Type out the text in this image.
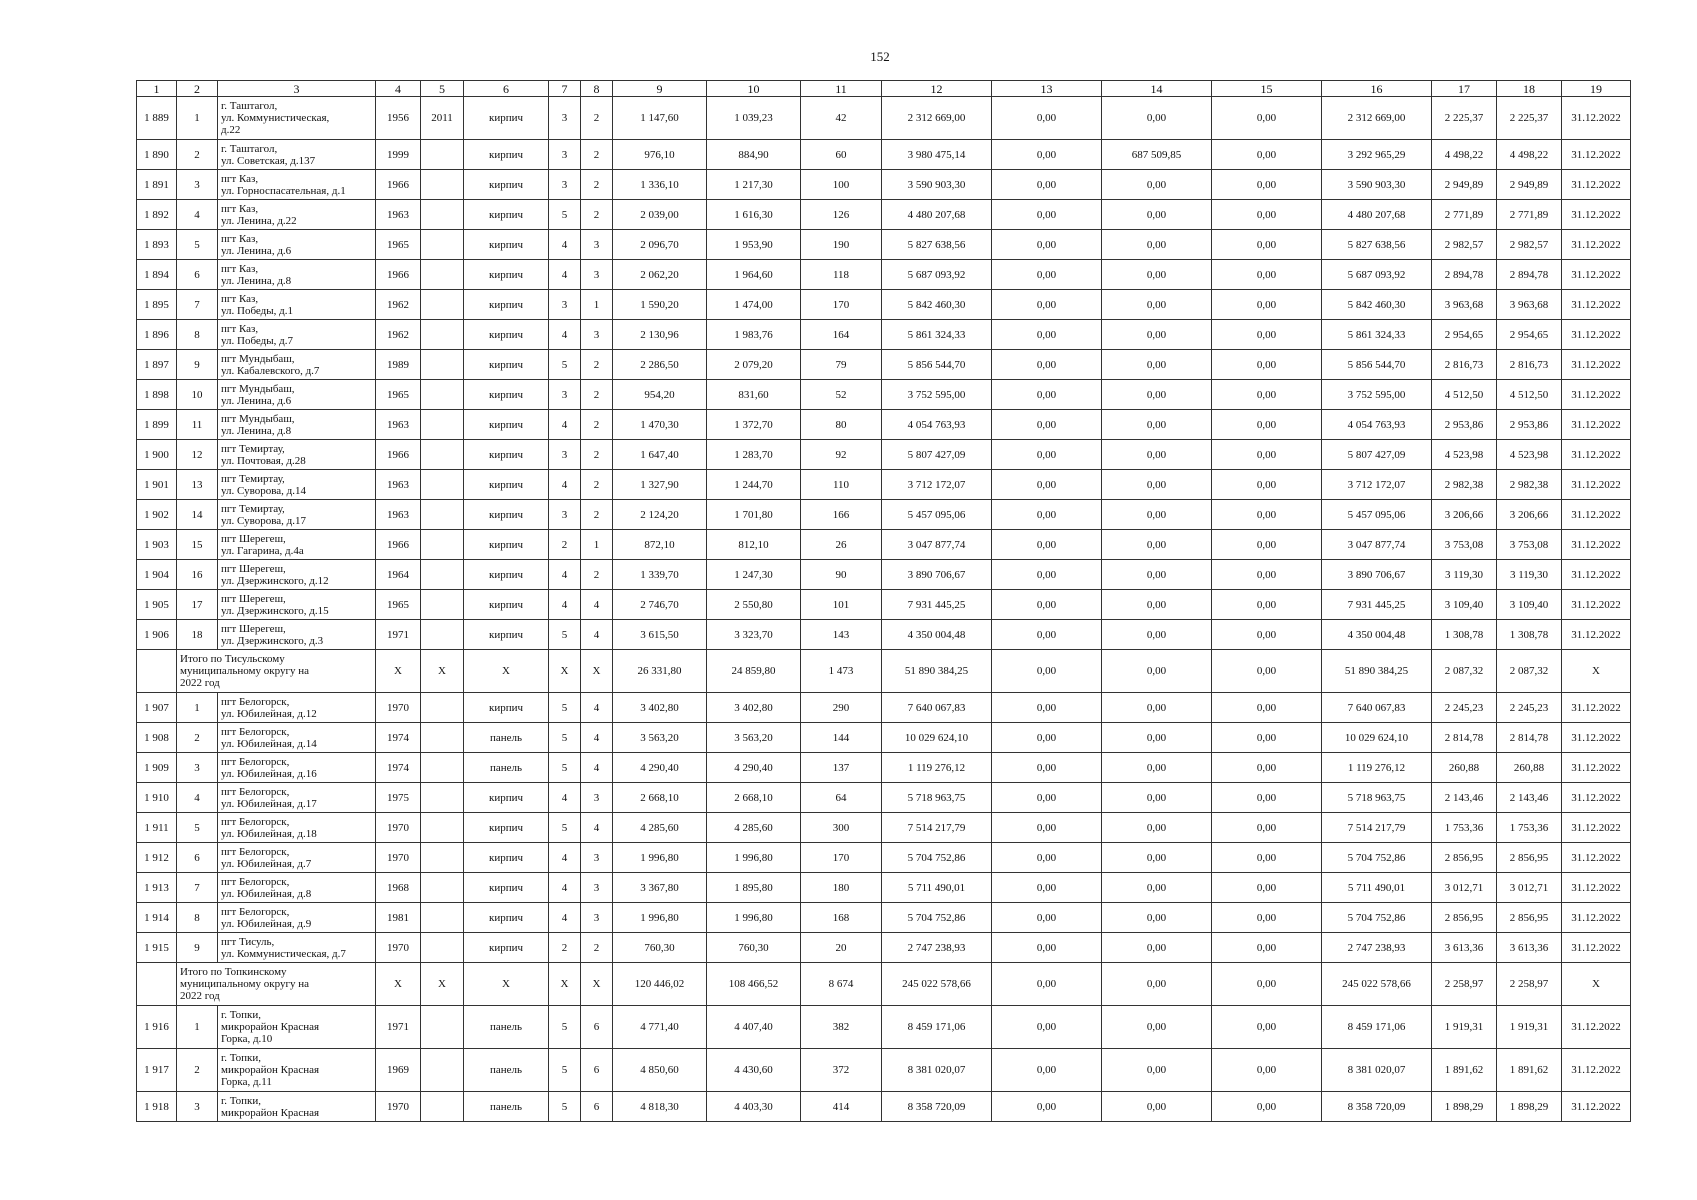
152
1	2	3	4	5	6	7	8	9	10	11	12	13	14	15	16	17	18	19
1 889	1	г. Таштагол,
ул. Коммунистическая,
д.22	1956	2011	кирпич	3	2	1 147,60	1 039,23	42	2 312 669,00	0,00	0,00	0,00	2 312 669,00	2 225,37	2 225,37	31.12.2022
1 890	2	г. Таштагол,
ул. Советская, д.137	1999		кирпич	3	2	976,10	884,90	60	3 980 475,14	0,00	687 509,85	0,00	3 292 965,29	4 498,22	4 498,22	31.12.2022
1 891	3	пгт Каз,
ул. Горноспасательная, д.1	1966		кирпич	3	2	1 336,10	1 217,30	100	3 590 903,30	0,00	0,00	0,00	3 590 903,30	2 949,89	2 949,89	31.12.2022
1 892	4	пгт Каз,
ул. Ленина, д.22	1963		кирпич	5	2	2 039,00	1 616,30	126	4 480 207,68	0,00	0,00	0,00	4 480 207,68	2 771,89	2 771,89	31.12.2022
1 893	5	пгт Каз,
ул. Ленина, д.6	1965		кирпич	4	3	2 096,70	1 953,90	190	5 827 638,56	0,00	0,00	0,00	5 827 638,56	2 982,57	2 982,57	31.12.2022
1 894	6	пгт Каз,
ул. Ленина, д.8	1966		кирпич	4	3	2 062,20	1 964,60	118	5 687 093,92	0,00	0,00	0,00	5 687 093,92	2 894,78	2 894,78	31.12.2022
1 895	7	пгт Каз,
ул. Победы, д.1	1962		кирпич	3	1	1 590,20	1 474,00	170	5 842 460,30	0,00	0,00	0,00	5 842 460,30	3 963,68	3 963,68	31.12.2022
1 896	8	пгт Каз,
ул. Победы, д.7	1962		кирпич	4	3	2 130,96	1 983,76	164	5 861 324,33	0,00	0,00	0,00	5 861 324,33	2 954,65	2 954,65	31.12.2022
1 897	9	пгт Мундыбаш,
ул. Кабалевского, д.7	1989		кирпич	5	2	2 286,50	2 079,20	79	5 856 544,70	0,00	0,00	0,00	5 856 544,70	2 816,73	2 816,73	31.12.2022
1 898	10	пгт Мундыбаш,
ул. Ленина, д.6	1965		кирпич	3	2	954,20	831,60	52	3 752 595,00	0,00	0,00	0,00	3 752 595,00	4 512,50	4 512,50	31.12.2022
1 899	11	пгт Мундыбаш,
ул. Ленина, д.8	1963		кирпич	4	2	1 470,30	1 372,70	80	4 054 763,93	0,00	0,00	0,00	4 054 763,93	2 953,86	2 953,86	31.12.2022
1 900	12	пгт Темиртау,
ул. Почтовая, д.28	1966		кирпич	3	2	1 647,40	1 283,70	92	5 807 427,09	0,00	0,00	0,00	5 807 427,09	4 523,98	4 523,98	31.12.2022
1 901	13	пгт Темиртау,
ул. Суворова, д.14	1963		кирпич	4	2	1 327,90	1 244,70	110	3 712 172,07	0,00	0,00	0,00	3 712 172,07	2 982,38	2 982,38	31.12.2022
1 902	14	пгт Темиртау,
ул. Суворова, д.17	1963		кирпич	3	2	2 124,20	1 701,80	166	5 457 095,06	0,00	0,00	0,00	5 457 095,06	3 206,66	3 206,66	31.12.2022
1 903	15	пгт Шерегеш,
ул. Гагарина, д.4а	1966		кирпич	2	1	872,10	812,10	26	3 047 877,74	0,00	0,00	0,00	3 047 877,74	3 753,08	3 753,08	31.12.2022
1 904	16	пгт Шерегеш,
ул. Дзержинского, д.12	1964		кирпич	4	2	1 339,70	1 247,30	90	3 890 706,67	0,00	0,00	0,00	3 890 706,67	3 119,30	3 119,30	31.12.2022
1 905	17	пгт Шерегеш,
ул. Дзержинского, д.15	1965		кирпич	4	4	2 746,70	2 550,80	101	7 931 445,25	0,00	0,00	0,00	7 931 445,25	3 109,40	3 109,40	31.12.2022
1 906	18	пгт Шерегеш,
ул. Дзержинского, д.3	1971		кирпич	5	4	3 615,50	3 323,70	143	4 350 004,48	0,00	0,00	0,00	4 350 004,48	1 308,78	1 308,78	31.12.2022

	Итого по Тисульскому
муниципальному округу на
2022 год		X	X	X	X	X	26 331,80	24 859,80	1 473	51 890 384,25	0,00	0,00	0,00	51 890 384,25	2 087,32	2 087,32	X
1 907	1	пгт Белогорск,
ул. Юбилейная, д.12	1970		кирпич	5	4	3 402,80	3 402,80	290	7 640 067,83	0,00	0,00	0,00	7 640 067,83	2 245,23	2 245,23	31.12.2022
1 908	2	пгт Белогорск,
ул. Юбилейная, д.14	1974		панель	5	4	3 563,20	3 563,20	144	10 029 624,10	0,00	0,00	0,00	10 029 624,10	2 814,78	2 814,78	31.12.2022
1 909	3	пгт Белогорск,
ул. Юбилейная, д.16	1974		панель	5	4	4 290,40	4 290,40	137	1 119 276,12	0,00	0,00	0,00	1 119 276,12	260,88	260,88	31.12.2022
1 910	4	пгт Белогорск,
ул. Юбилейная, д.17	1975		кирпич	4	3	2 668,10	2 668,10	64	5 718 963,75	0,00	0,00	0,00	5 718 963,75	2 143,46	2 143,46	31.12.2022
1 911	5	пгт Белогорск,
ул. Юбилейная, д.18	1970		кирпич	5	4	4 285,60	4 285,60	300	7 514 217,79	0,00	0,00	0,00	7 514 217,79	1 753,36	1 753,36	31.12.2022
1 912	6	пгт Белогорск,
ул. Юбилейная, д.7	1970		кирпич	4	3	1 996,80	1 996,80	170	5 704 752,86	0,00	0,00	0,00	5 704 752,86	2 856,95	2 856,95	31.12.2022
1 913	7	пгт Белогорск,
ул. Юбилейная, д.8	1968		кирпич	4	3	3 367,80	1 895,80	180	5 711 490,01	0,00	0,00	0,00	5 711 490,01	3 012,71	3 012,71	31.12.2022
1 914	8	пгт Белогорск,
ул. Юбилейная, д.9	1981		кирпич	4	3	1 996,80	1 996,80	168	5 704 752,86	0,00	0,00	0,00	5 704 752,86	2 856,95	2 856,95	31.12.2022
1 915	9	пгт Тисуль,
ул. Коммунистическая, д.7	1970		кирпич	2	2	760,30	760,30	20	2 747 238,93	0,00	0,00	0,00	2 747 238,93	3 613,36	3 613,36	31.12.2022

	Итого по Топкинскому
муниципальному округу на
2022 год		X	X	X	X	X	120 446,02	108 466,52	8 674	245 022 578,66	0,00	0,00	0,00	245 022 578,66	2 258,97	2 258,97	X
1 916	1	г. Топки,
микрорайон Красная
Горка, д.10	1971		панель	5	6	4 771,40	4 407,40	382	8 459 171,06	0,00	0,00	0,00	8 459 171,06	1 919,31	1 919,31	31.12.2022
1 917	2	г. Топки,
микрорайон Красная
Горка, д.11	1969		панель	5	6	4 850,60	4 430,60	372	8 381 020,07	0,00	0,00	0,00	8 381 020,07	1 891,62	1 891,62	31.12.2022
1 918	3	г. Топки,
микрорайон Красная	1970		панель	5	6	4 818,30	4 403,30	414	8 358 720,09	0,00	0,00	0,00	8 358 720,09	1 898,29	1 898,29	31.12.2022
